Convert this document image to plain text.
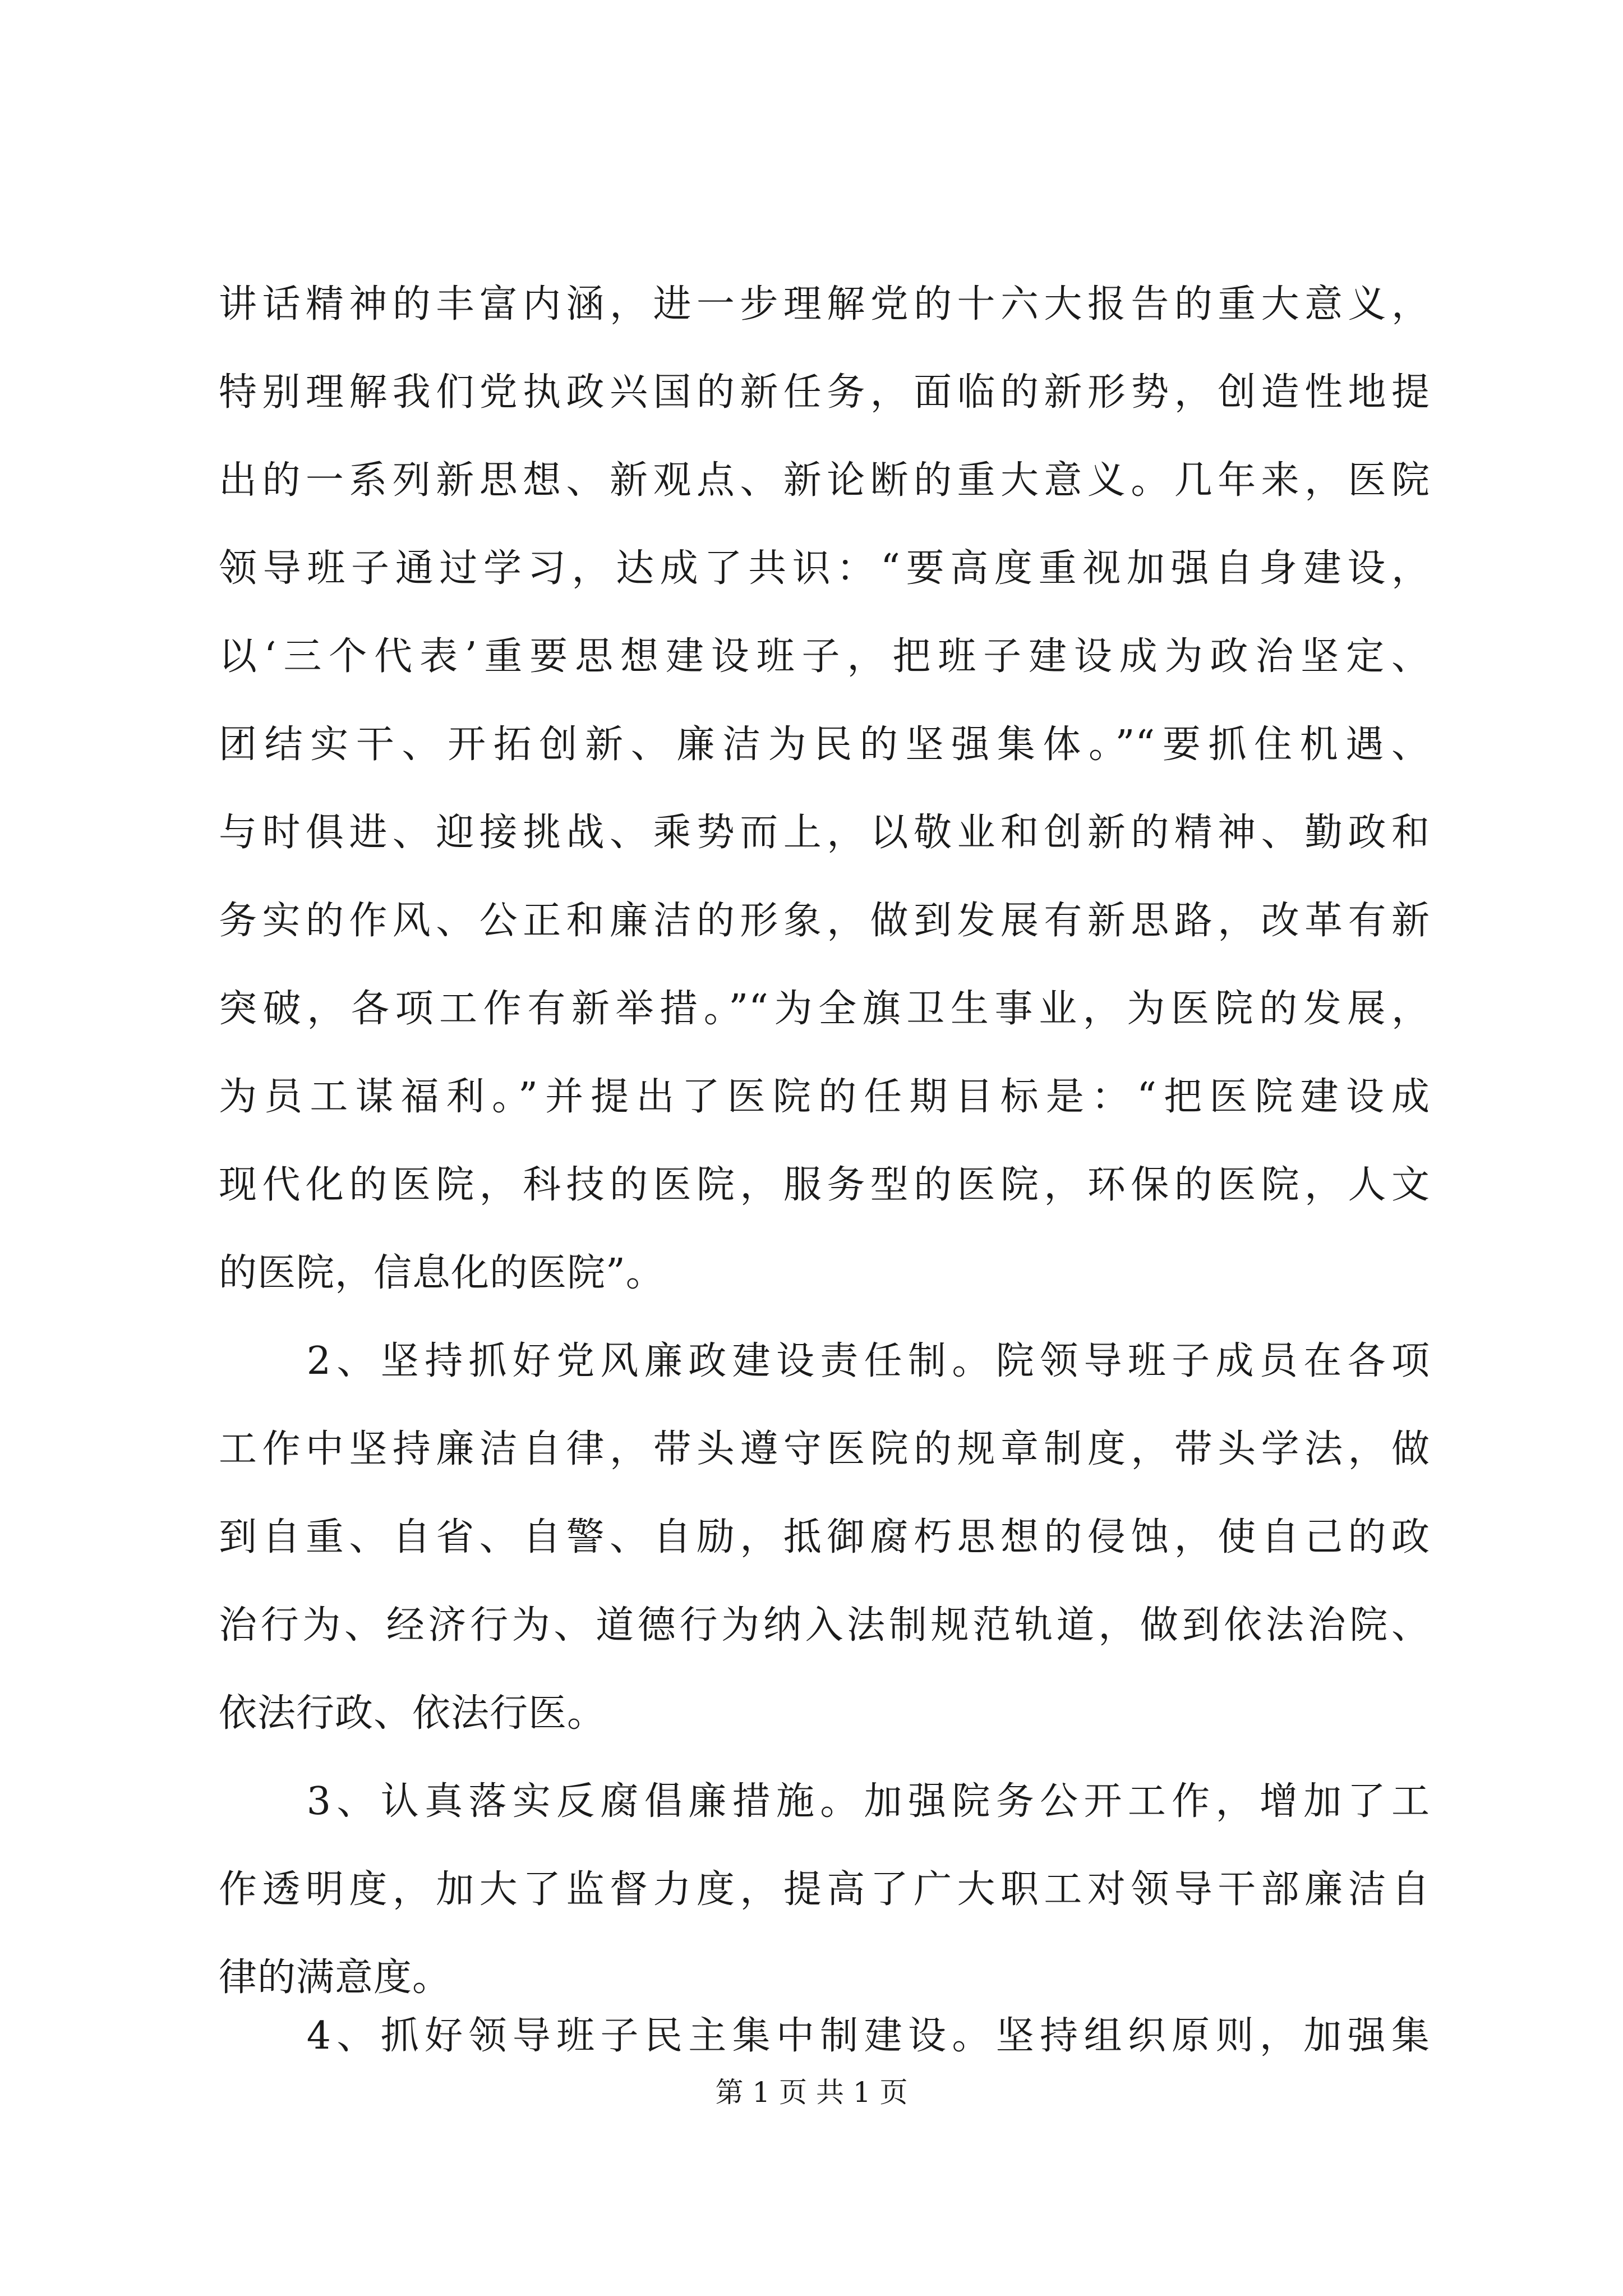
讲话精神的丰富内涵，进一步理解党的十六大报告的重大意义，
特别理解我们党执政兴国的新任务，面临的新形势，创造性地提
出的一系列新思想、新观点、新论断的重大意义。几年来，医院
领导班子通过学习，达成了共识：“要高度重视加强自身建设，
以‘三个代表’重要思想建设班子，把班子建设成为政治坚定、
团结实干、开拓创新、廉洁为民的坚强集体。”“要抓住机遇、
与时俱进、迎接挑战、乘势而上，以敬业和创新的精神、勤政和
务实的作风、公正和廉洁的形象，做到发展有新思路，改革有新
突破，各项工作有新举措。”“为全旗卫生事业，为医院的发展，
为员工谋福利。”并提出了医院的任期目标是：“把医院建设成
现代化的医院，科技的医院，服务型的医院，环保的医院，人文
的医院，信息化的医院”。
　　2、坚持抓好党风廉政建设责任制。院领导班子成员在各项
工作中坚持廉洁自律，带头遵守医院的规章制度，带头学法，做
到自重、自省、自警、自励，抵御腐朽思想的侵蚀，使自己的政
治行为、经济行为、道德行为纳入法制规范轨道，做到依法治院、
依法行政、依法行医。
　　3、认真落实反腐倡廉措施。加强院务公开工作，增加了工
作透明度，加大了监督力度，提高了广大职工对领导干部廉洁自
律的满意度。
　　4、抓好领导班子民主集中制建设。坚持组织原则，加强集
第 1 页 共 1 页
